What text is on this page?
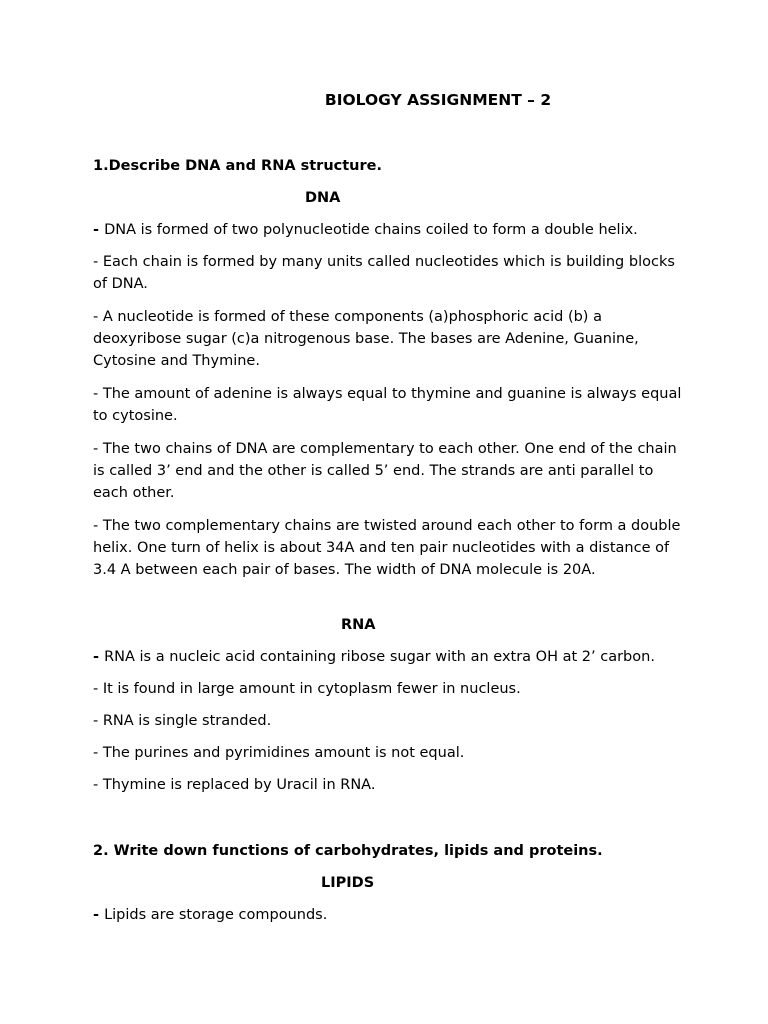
BIOLOGY ASSIGNMENT – 2

1.Describe DNA and RNA structure.

DNA

- DNA is formed of two polynucleotide chains coiled to form a double helix.

- Each chain is formed by many units called nucleotides which is building blocks of DNA.

- A nucleotide is formed of these components (a)phosphoric acid (b) a deoxyribose sugar (c)a nitrogenous base. The bases are Adenine, Guanine, Cytosine and Thymine.

- The amount of adenine is always equal to thymine and guanine is always equal to cytosine.

- The two chains of DNA are complementary to each other. One end of the chain is called 3’ end and the other is called 5’ end. The strands are anti parallel to each other.

- The two complementary chains are twisted around each other to form a double helix. One turn of helix is about 34A and ten pair nucleotides with a distance of 3.4 A between each pair of bases. The width of DNA molecule is 20A.

RNA

- RNA is a nucleic acid containing ribose sugar with an extra OH at 2’ carbon.

- It is found in large amount in cytoplasm fewer in nucleus.

- RNA is single stranded.

- The purines and pyrimidines amount is not equal.

- Thymine is replaced by Uracil in RNA.

2. Write down functions of carbohydrates, lipids and proteins.

LIPIDS

- Lipids are storage compounds.
